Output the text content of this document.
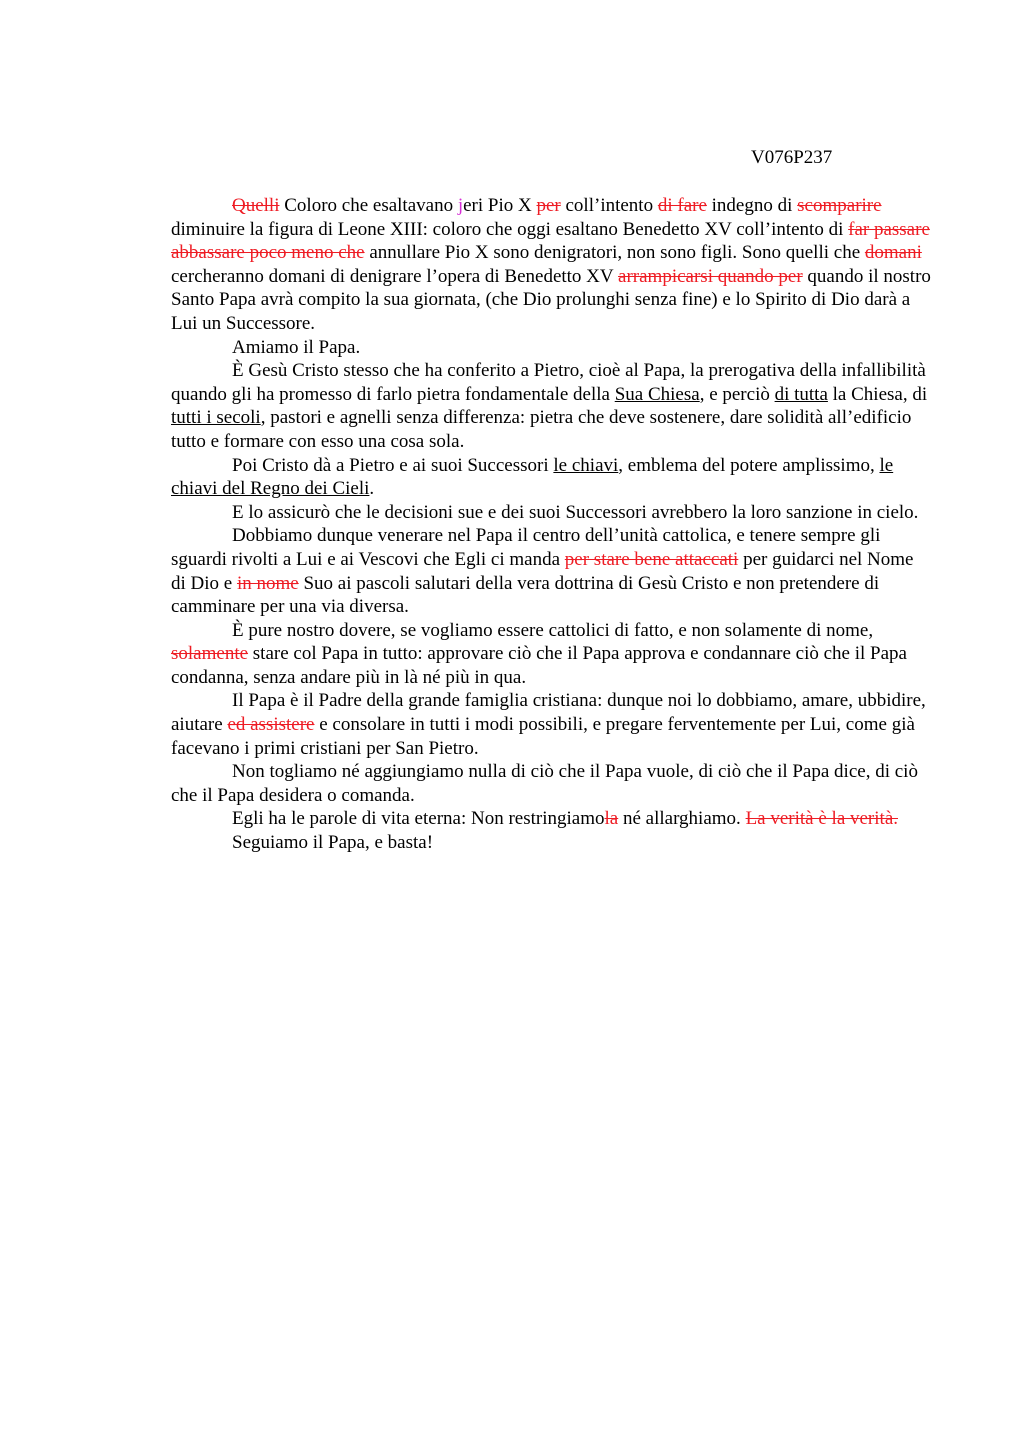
V076P237

Quelli Coloro che esaltavano jeri Pio X per coll’intento di fare indegno di scomparire diminuire la figura di Leone XIII: coloro che oggi esaltano Benedetto XV coll’intento di far passare abbassare poco meno che annullare Pio X sono denigratori, non sono figli. Sono quelli che domani cercheranno domani di denigrare l’opera di Benedetto XV arrampicarsi quando per quando il nostro Santo Papa avrà compito la sua giornata, (che Dio prolunghi senza fine) e lo Spirito di Dio darà a Lui un Successore.

Amiamo il Papa.

È Gesù Cristo stesso che ha conferito a Pietro, cioè al Papa, la prerogativa della infallibilità quando gli ha promesso di farlo pietra fondamentale della Sua Chiesa, e perciò di tutta la Chiesa, di tutti i secoli, pastori e agnelli senza differenza: pietra che deve sostenere, dare solidità all’edificio tutto e formare con esso una cosa sola.

Poi Cristo dà a Pietro e ai suoi Successori le chiavi, emblema del potere amplissimo, le chiavi del Regno dei Cieli.

E lo assicurò che le decisioni sue e dei suoi Successori avrebbero la loro sanzione in cielo.

Dobbiamo dunque venerare nel Papa il centro dell’unità cattolica, e tenere sempre gli sguardi rivolti a Lui e ai Vescovi che Egli ci manda per stare bene attaccati per guidarci nel Nome di Dio e in nome Suo ai pascoli salutari della vera dottrina di Gesù Cristo e non pretendere di camminare per una via diversa.

È pure nostro dovere, se vogliamo essere cattolici di fatto, e non solamente di nome, solamente stare col Papa in tutto: approvare ciò che il Papa approva e condannare ciò che il Papa condanna, senza andare più in là né più in qua.

Il Papa è il Padre della grande famiglia cristiana: dunque noi lo dobbiamo, amare, ubbidire, aiutare ed assistere e consolare in tutti i modi possibili, e pregare ferventemente per Lui, come già facevano i primi cristiani per San Pietro.

Non togliamo né aggiungiamo nulla di ciò che il Papa vuole, di ciò che il Papa dice, di ciò che il Papa desidera o comanda.

Egli ha le parole di vita eterna: Non restringiamola né allarghiamo. La verità è la verità.

Seguiamo il Papa, e basta!
